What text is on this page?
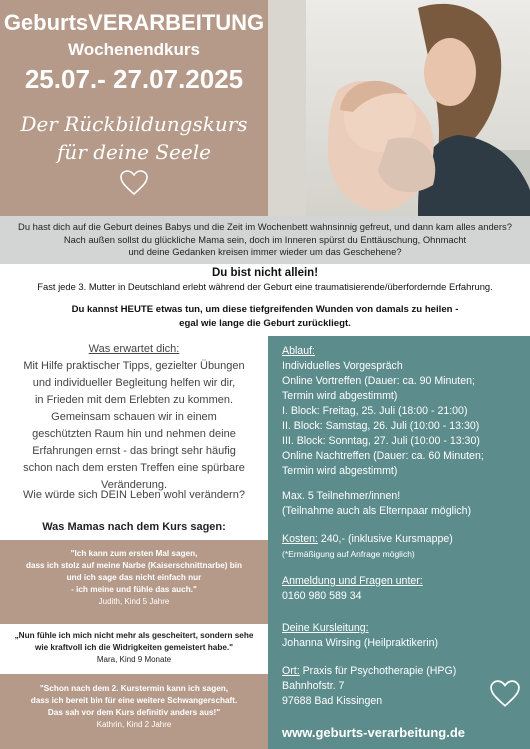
GeburtsVERARBEITUNG
Wochenendkurs
25.07.- 27.07.2025
Der Rückbildungskurs
für deine Seele
Du hast dich auf die Geburt deines Babys und die Zeit im Wochenbett wahnsinnig gefreut, und dann kam alles anders?
Nach außen sollst du glückliche Mama sein, doch im Inneren spürst du Enttäuschung, Ohnmacht
und deine Gedanken kreisen immer wieder um das Geschehene?
Du bist nicht allein!
Fast jede 3. Mutter in Deutschland erlebt während der Geburt eine traumatisierende/überfordernde Erfahrung.
Du kannst HEUTE etwas tun, um diese tiefgreifenden Wunden von damals zu heilen -
egal wie lange die Geburt zurückliegt.
Was erwartet dich:
Mit Hilfe praktischer Tipps, gezielter Übungen
und individueller Begleitung helfen wir dir,
in Frieden mit dem Erlebten zu kommen.
Gemeinsam schauen wir in einem
geschützten Raum hin und nehmen deine
Erfahrungen ernst - das bringt sehr häufig
schon nach dem ersten Treffen eine spürbare
Veränderung.
Wie würde sich DEIN Leben wohl verändern?
Was Mamas nach dem Kurs sagen:
"Ich kann zum ersten Mal sagen,
dass ich stolz auf meine Narbe (Kaiserschnittnarbe) bin
und ich sage das nicht einfach nur
- ich meine und fühle das auch."
Judith, Kind 5 Jahre
„Nun fühle ich mich nicht mehr als gescheitert, sondern sehe
wie kraftvoll ich die Widrigkeiten gemeistert habe."
Mara, Kind 9 Monate
"Schon nach dem 2. Kurstermin kann ich sagen,
dass ich bereit bin für eine weitere Schwangerschaft.
Das sah vor dem Kurs definitiv anders aus!"
Kathrin, Kind 2 Jahre
Ablauf:
Individuelles Vorgespräch
Online Vortreffen (Dauer: ca. 90 Minuten;
Termin wird abgestimmt)
I. Block: Freitag, 25. Juli (18:00 - 21:00)
II. Block: Samstag, 26. Juli (10:00 - 13:30)
III. Block: Sonntag, 27. Juli (10:00 - 13:30)
Online Nachtreffen (Dauer: ca. 60 Minuten;
Termin wird abgestimmt)
Max. 5 Teilnehmer/innen!
(Teilnahme auch als Elternpaar möglich)
Kosten: 240,- (inklusive Kursmappe)
(*Ermäßigung auf Anfrage möglich)
Anmeldung und Fragen unter:
0160 980 589 34
Deine Kursleitung:
Johanna Wirsing (Heilpraktikerin)
Ort: Praxis für Psychotherapie (HPG)
Bahnhofstr. 7
97688 Bad Kissingen
www.geburts-verarbeitung.de
